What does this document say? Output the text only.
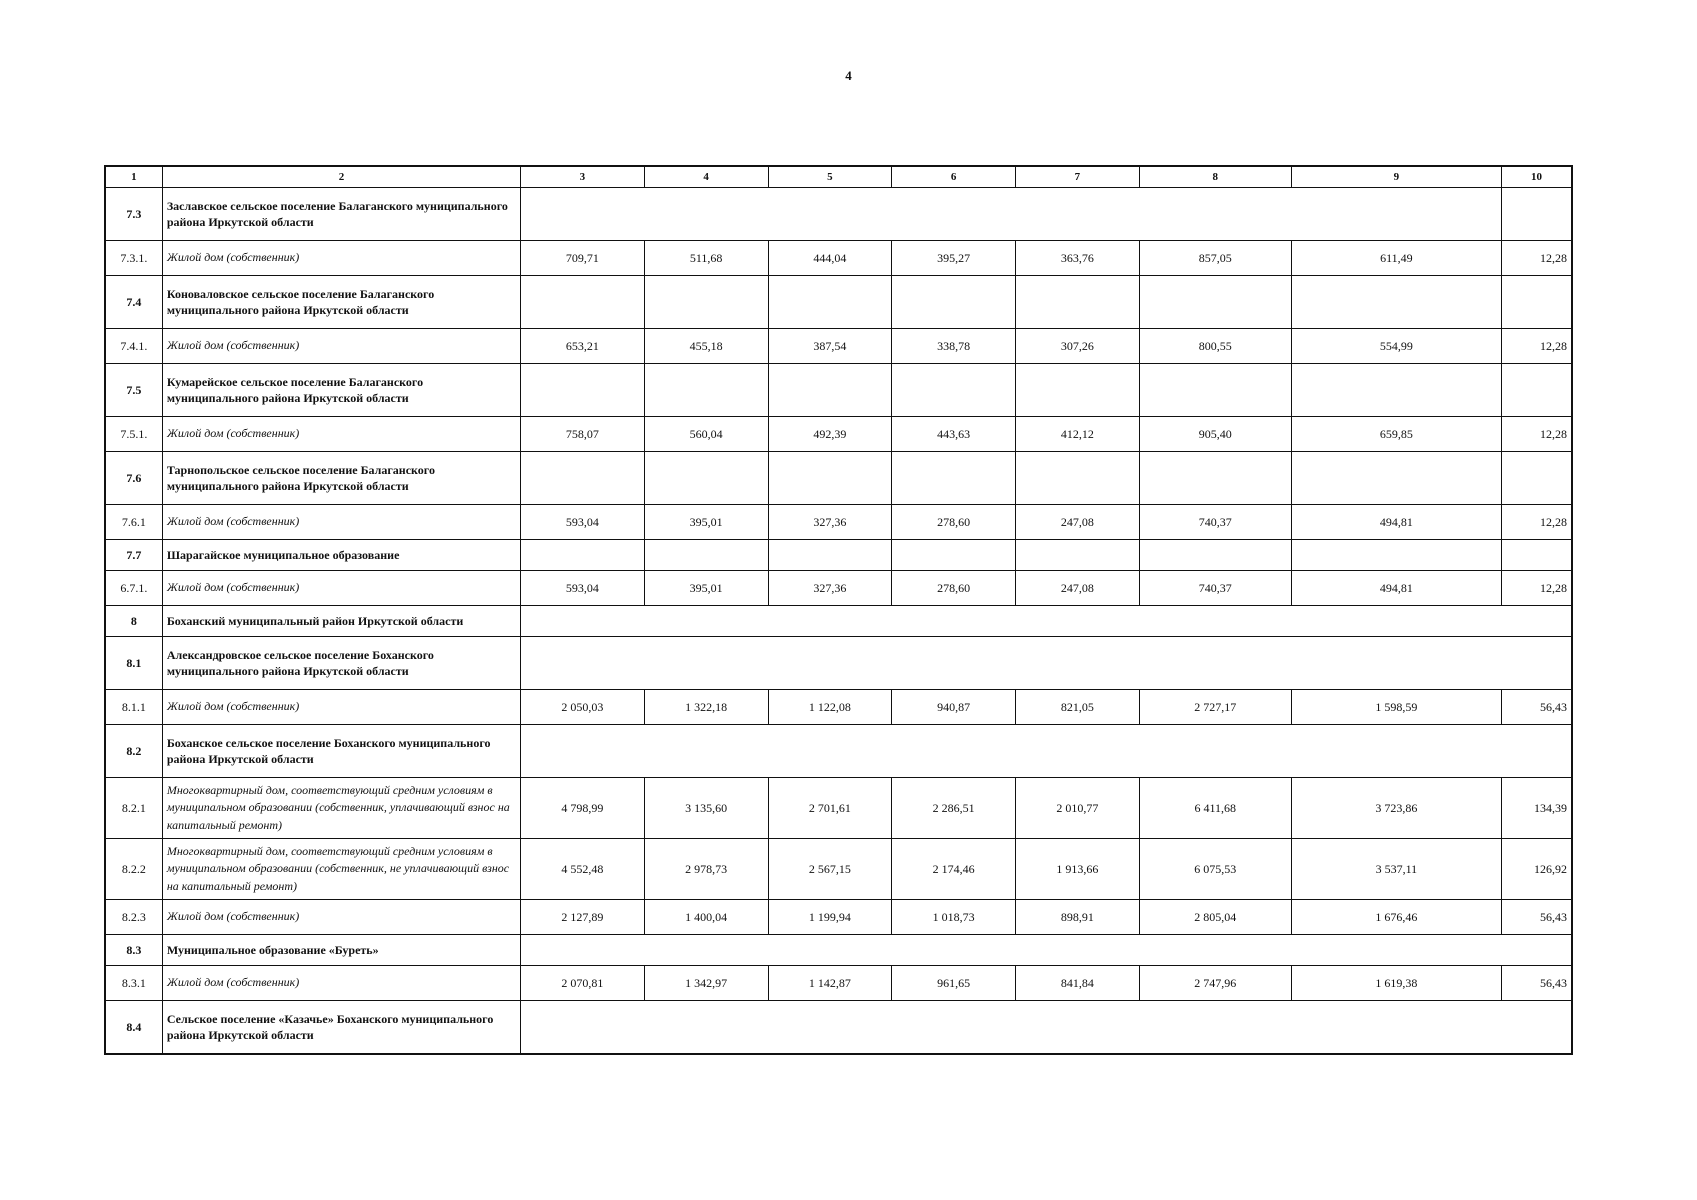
4
1	2	3	4	5	6	7	8	9	10
7.3	Заславское сельское поселение Балаганского муниципального района Иркутской области								
7.3.1.	Жилой дом (собственник)	709,71	511,68	444,04	395,27	363,76	857,05	611,49	12,28
7.4	Коноваловское сельское поселение Балаганского муниципального района Иркутской области								
7.4.1.	Жилой дом (собственник)	653,21	455,18	387,54	338,78	307,26	800,55	554,99	12,28
7.5	Кумарейское сельское поселение Балаганского муниципального района Иркутской области								
7.5.1.	Жилой дом (собственник)	758,07	560,04	492,39	443,63	412,12	905,40	659,85	12,28
7.6	Тарнопольское сельское поселение Балаганского муниципального района Иркутской области								
7.6.1	Жилой дом (собственник)	593,04	395,01	327,36	278,60	247,08	740,37	494,81	12,28
7.7	Шарагайское муниципальное образование								
6.7.1.	Жилой дом (собственник)	593,04	395,01	327,36	278,60	247,08	740,37	494,81	12,28
8	Боханский муниципальный район Иркутской области								
8.1	Александровское сельское поселение Боханского муниципального района Иркутской области								
8.1.1	Жилой дом (собственник)	2 050,03	1 322,18	1 122,08	940,87	821,05	2 727,17	1 598,59	56,43
8.2	Боханское сельское поселение Боханского муниципального района Иркутской области								
8.2.1	Многоквартирный дом, соответствующий средним условиям в муниципальном образовании (собственник, уплачивающий взнос на капитальный ремонт)	4 798,99	3 135,60	2 701,61	2 286,51	2 010,77	6 411,68	3 723,86	134,39
8.2.2	Многоквартирный дом, соответствующий средним условиям в муниципальном образовании (собственник, не уплачивающий взнос на капитальный ремонт)	4 552,48	2 978,73	2 567,15	2 174,46	1 913,66	6 075,53	3 537,11	126,92
8.2.3	Жилой дом (собственник)	2 127,89	1 400,04	1 199,94	1 018,73	898,91	2 805,04	1 676,46	56,43
8.3	Муниципальное образование «Буреть»								
8.3.1	Жилой дом (собственник)	2 070,81	1 342,97	1 142,87	961,65	841,84	2 747,96	1 619,38	56,43
8.4	Сельское поселение «Казачье» Боханского муниципального района Иркутской области								
